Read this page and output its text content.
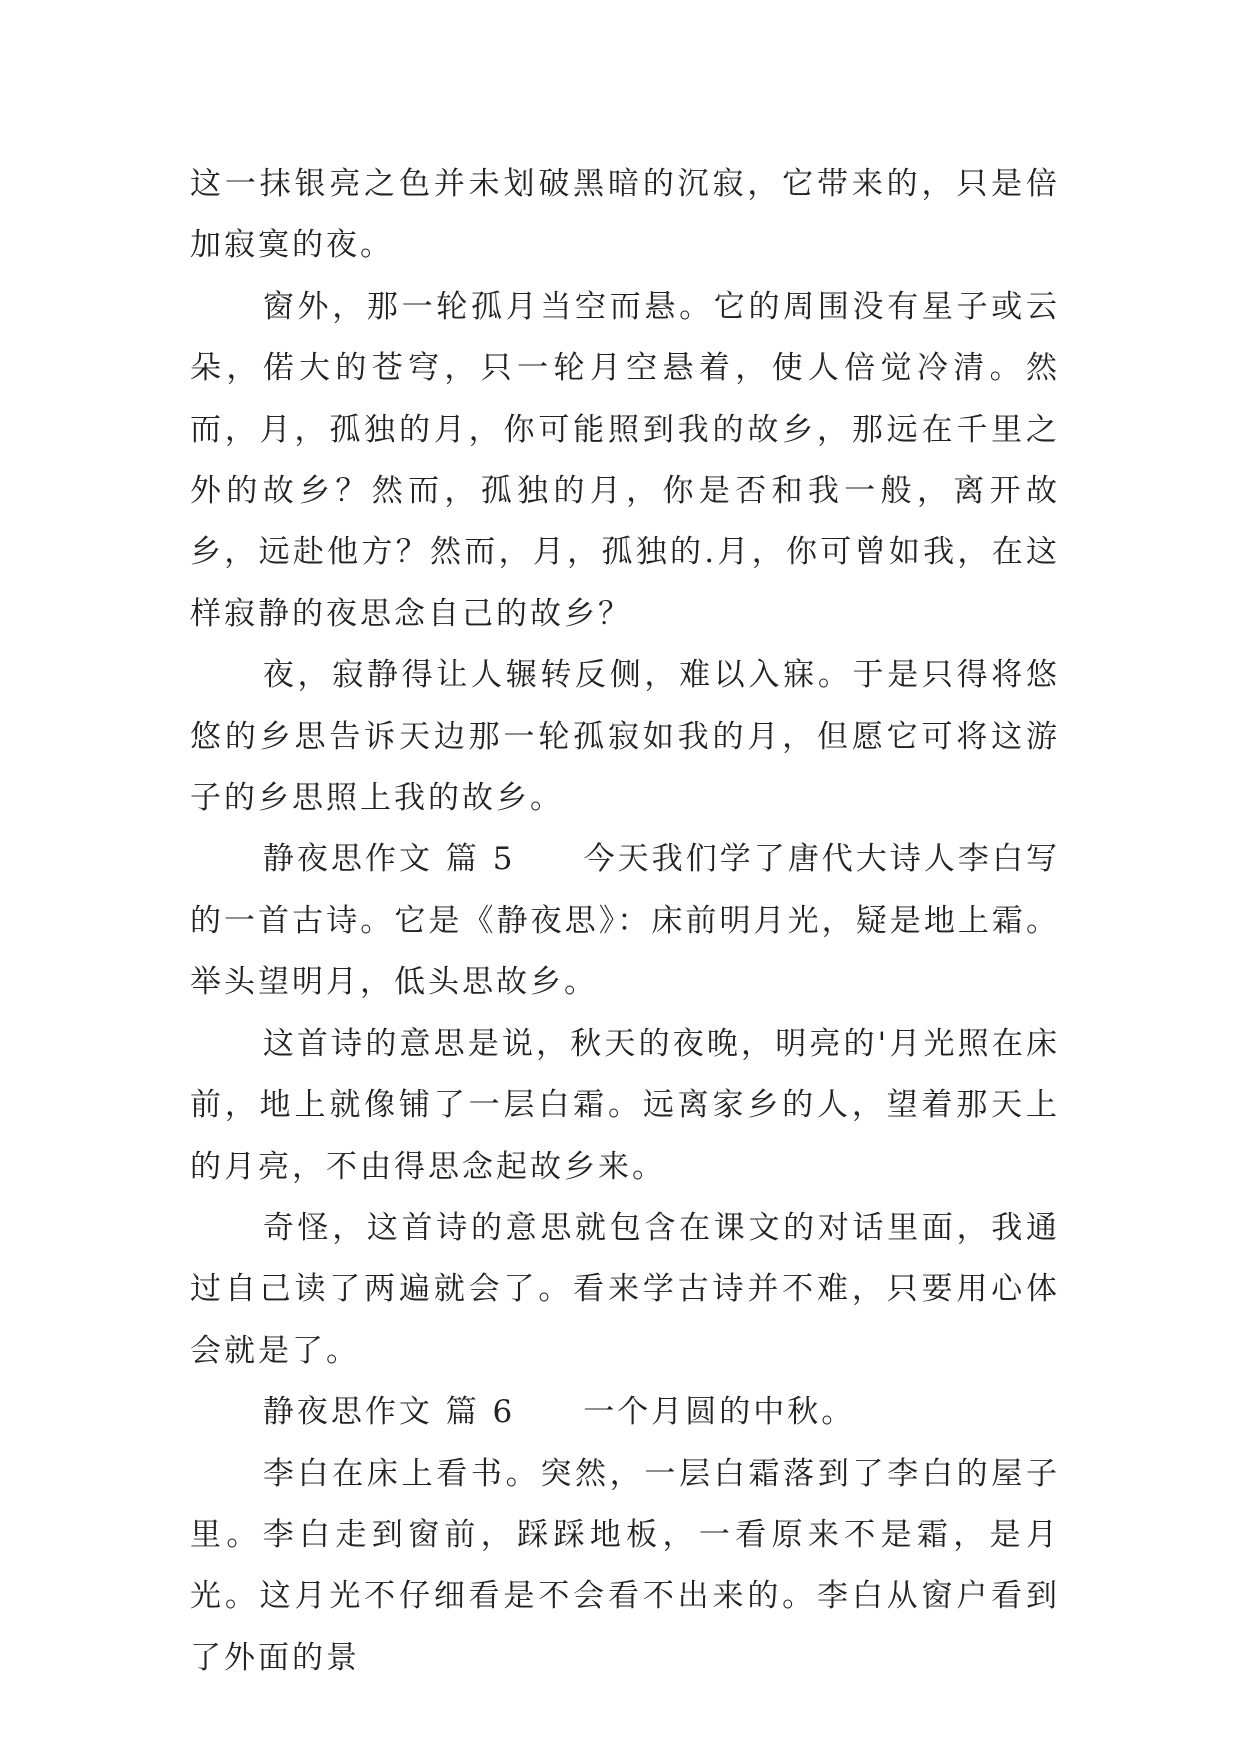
这一抹银亮之色并未划破黑暗的沉寂，它带来的，只是倍加寂寞的夜。

窗外，那一轮孤月当空而悬。它的周围没有星子或云朵，偌大的苍穹，只一轮月空悬着，使人倍觉冷清。然而，月，孤独的月，你可能照到我的故乡，那远在千里之外的故乡？然而，孤独的月，你是否和我一般，离开故乡，远赴他方？然而，月，孤独的.月，你可曾如我，在这样寂静的夜思念自己的故乡？

夜，寂静得让人辗转反侧，难以入寐。于是只得将悠悠的乡思告诉天边那一轮孤寂如我的月，但愿它可将这游子的乡思照上我的故乡。

静夜思作文 篇 5　　今天我们学了唐代大诗人李白写的一首古诗。它是《静夜思》：床前明月光，疑是地上霜。举头望明月，低头思故乡。

这首诗的意思是说，秋天的夜晚，明亮的'月光照在床前，地上就像铺了一层白霜。远离家乡的人，望着那天上的月亮，不由得思念起故乡来。

奇怪，这首诗的意思就包含在课文的对话里面，我通过自己读了两遍就会了。看来学古诗并不难，只要用心体会就是了。

静夜思作文 篇 6　　一个月圆的中秋。

李白在床上看书。突然，一层白霜落到了李白的屋子里。李白走到窗前，踩踩地板，一看原来不是霜，是月光。这月光不仔细看是不会看不出来的。李白从窗户看到了外面的景
